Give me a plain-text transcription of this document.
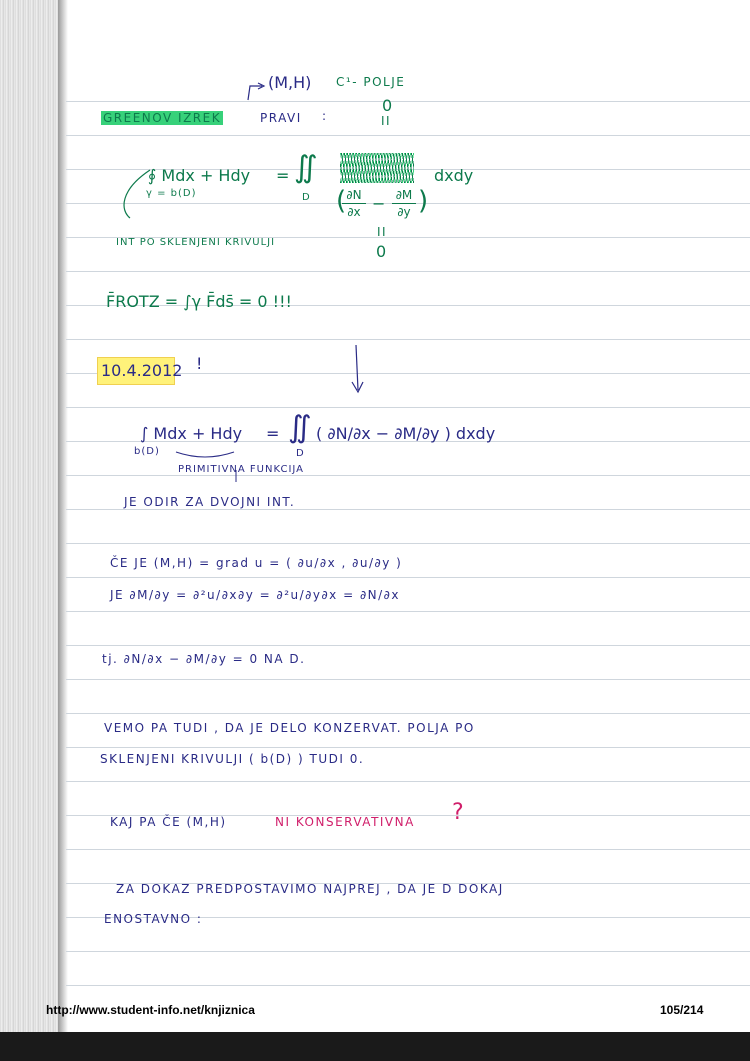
(M,H) C¹- POLJE
0
II
GREENOV IZREK	PRAVI :
∮ Mdx + Hdy
γ = b(D)
= ∬
D ( ∂N
∂x − ∂M
∂y )
dxdy
II
0
INT PO SKLENJENI KRIVULJI
F̄ROTZ = ∫γ F̄ds̄ = 0 !!!
10.4.2012 !
∫ Mdx + Hdy
b(D)
= ∬
D
( ∂N/∂x − ∂M/∂y ) dxdy
PRIMITIVNA FUNKCIJA
JE ODIR ZA DVOJNI INT.
ČE JE (M,H) = grad u = ( ∂u/∂x , ∂u/∂y )
JE ∂M/∂y = ∂²u/∂x∂y = ∂²u/∂y∂x = ∂N/∂x
tj. ∂N/∂x − ∂M/∂y = 0 NA D.
VEMO PA TUDI , DA JE DELO KONZERVAT. POLJA PO
SKLENJENI KRIVULJI ( b(D) ) TUDI 0.
KAJ PA ČE (M,H)	NI KONSERVATIVNA ?
ZA DOKAZ PREDPOSTAVIMO NAJPREJ , DA JE D DOKAJ
ENOSTAVNO :
http://www.student-info.net/knjiznica	105/214
